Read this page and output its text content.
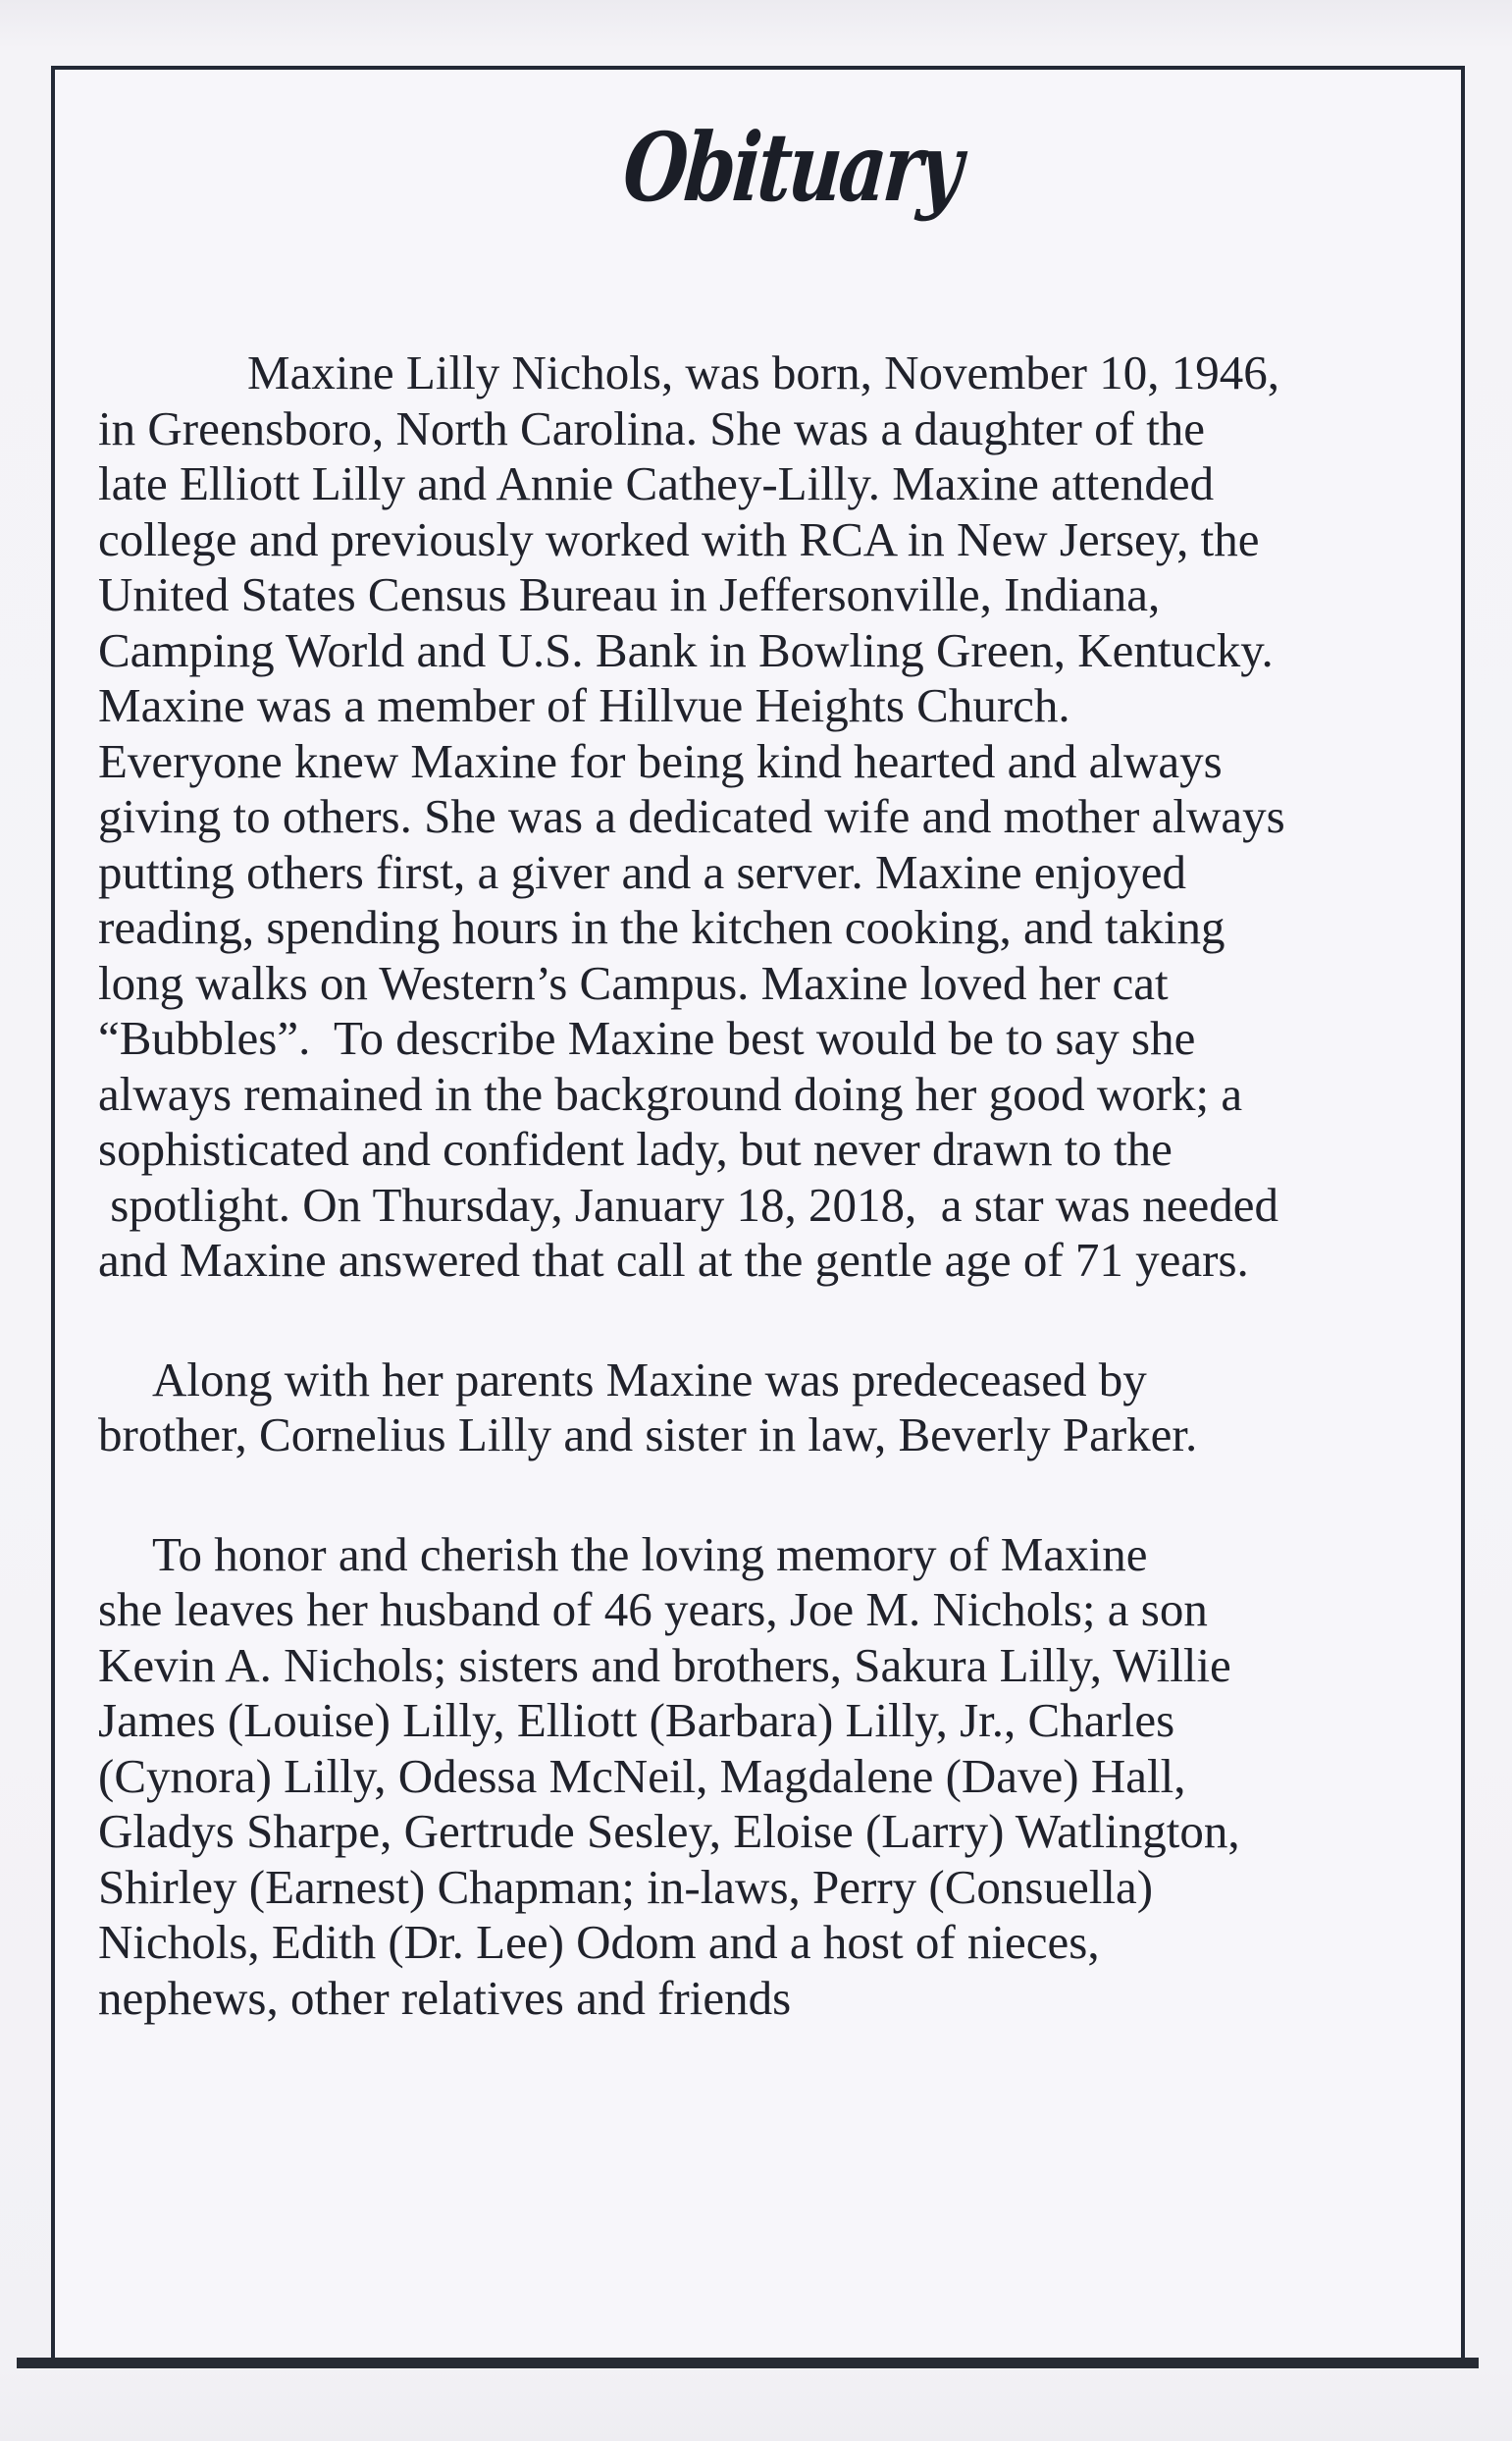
Obituary
Maxine Lilly Nichols, was born, November 10, 1946,
in Greensboro, North Carolina. She was a daughter of the
late Elliott Lilly and Annie Cathey-Lilly. Maxine attended
college and previously worked with RCA in New Jersey, the
United States Census Bureau in Jeffersonville, Indiana,
Camping World and U.S. Bank in Bowling Green, Kentucky.
Maxine was a member of Hillvue Heights Church.
Everyone knew Maxine for being kind hearted and always
giving to others. She was a dedicated wife and mother always
putting others first, a giver and a server. Maxine enjoyed
reading, spending hours in the kitchen cooking, and taking
long walks on Western’s Campus. Maxine loved her cat
“Bubbles”.  To describe Maxine best would be to say she
always remained in the background doing her good work; a
sophisticated and confident lady, but never drawn to the
spotlight. On Thursday, January 18, 2018,  a star was needed
and Maxine answered that call at the gentle age of 71 years.
Along with her parents Maxine was predeceased by
brother, Cornelius Lilly and sister in law, Beverly Parker.
To honor and cherish the loving memory of Maxine
she leaves her husband of 46 years, Joe M. Nichols; a son
Kevin A. Nichols; sisters and brothers, Sakura Lilly, Willie
James (Louise) Lilly, Elliott (Barbara) Lilly, Jr., Charles
(Cynora) Lilly, Odessa McNeil, Magdalene (Dave) Hall,
Gladys Sharpe, Gertrude Sesley, Eloise (Larry) Watlington,
Shirley (Earnest) Chapman; in-laws, Perry (Consuella)
Nichols, Edith (Dr. Lee) Odom and a host of nieces,
nephews, other relatives and friends
